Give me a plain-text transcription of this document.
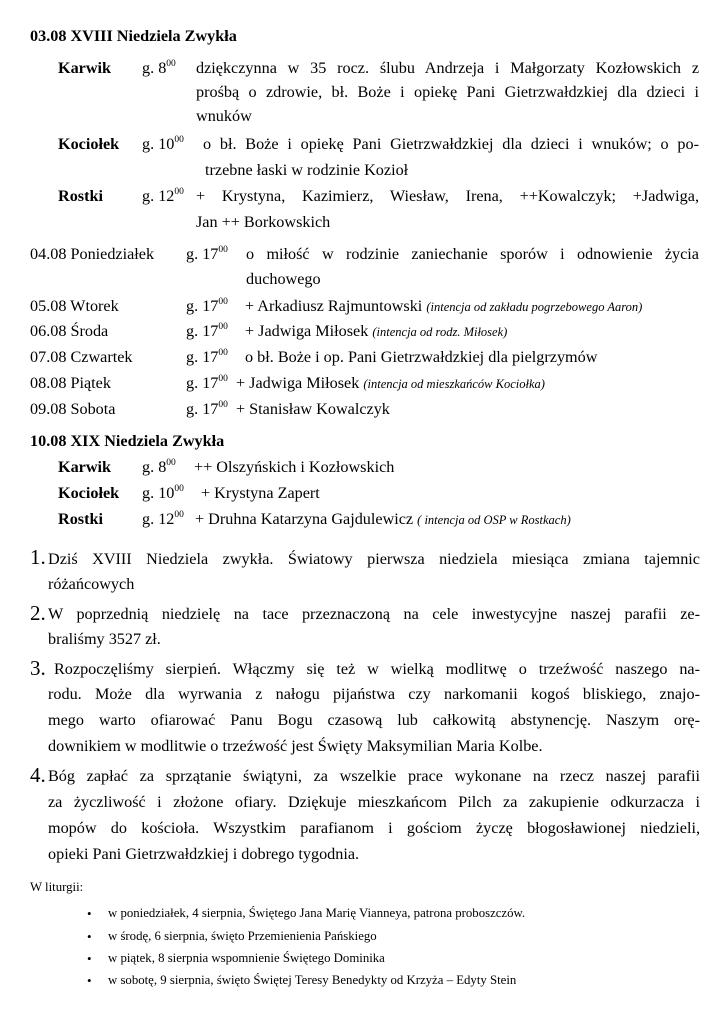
03.08 XVIII Niedziela Zwykła
Karwik g. $8^{00}$ dziękczynna w 35 rocz. ślubu Andrzeja i Małgorzaty Kozłowskich z
prośbą o zdrowie, bł. Boże i opiekę Pani Gietrzwałdzkiej dla dzieci i
wnuków
Kociołek g. $10^{00}$ o bł. Boże i opiekę Pani Gietrzwałdzkiej dla dzieci i wnuków; o po-
trzebne łaski w rodzinie Kozioł
Rostki g. $12^{00}$ + Krystyna, Kazimierz, Wiesław, Irena, ++Kowalczyk; +Jadwiga,
Jan ++ Borkowskich
04.08 Poniedziałek g. $17^{00}$ o miłość w rodzinie zaniechanie sporów i odnowienie życia
duchowego
05.08 Wtorek	g. $17^{00}$ + Arkadiusz Rajmuntowski (intencja od zakładu pogrzebowego Aaron)
06.08 Środa	g. $17^{00}$ + Jadwiga Miłosek (intencja od rodz. Miłosek)
07.08 Czwartek	g. $17^{00}$ o bł. Boże i op. Pani Gietrzwałdzkiej dla pielgrzymów
08.08 Piątek	g. $17^{00}$ + Jadwiga Miłosek (intencja od mieszkańców Kociołka)
09.08 Sobota	g. $17^{00}$ + Stanisław Kowalczyk
10.08 XIX Niedziela Zwykła
Karwik g. $8^{00}$ ++ Olszyńskich i Kozłowskich
Kociołek g. $10^{00}$ + Krystyna Zapert
Rostki g. $12^{00}$ + Druhna Katarzyna Gajdulewicz ( intencja od OSP w Rostkach)
1. Dziś XVIII Niedziela zwykła. Światowy pierwsza niedziela miesiąca zmiana tajemnic
różańcowych
2. W poprzednią niedzielę na tace przeznaczoną na cele inwestycyjne naszej parafii ze-
braliśmy 3527 zł.
3. Rozpoczęliśmy sierpień. Włączmy się też w wielką modlitwę o trzeźwość naszego na-
rodu. Może dla wyrwania z nałogu pijaństwa czy narkomanii kogoś bliskiego, znajo-
mego warto ofiarować Panu Bogu czasową lub całkowitą abstynencję. Naszym orę-
downikiem w modlitwie o trzeźwość jest Święty Maksymilian Maria Kolbe.
4. Bóg zapłać za sprzątanie świątyni, za wszelkie prace wykonane na rzecz naszej parafii
za życzliwość i złożone ofiary. Dziękuje mieszkańcom Pilch za zakupienie odkurzacza i
mopów do kościoła. Wszystkim parafianom i gościom życzę błogosławionej niedzieli,
opieki Pani Gietrzwałdzkiej i dobrego tygodnia.
W liturgii:
• w poniedziałek, 4 sierpnia, Świętego Jana Marię Vianneya, patrona proboszczów.
• w środę, 6 sierpnia, święto Przemienienia Pańskiego
• w piątek, 8 sierpnia wspomnienie Świętego Dominika
• w sobotę, 9 sierpnia, święto Świętej Teresy Benedykty od Krzyża – Edyty Stein
